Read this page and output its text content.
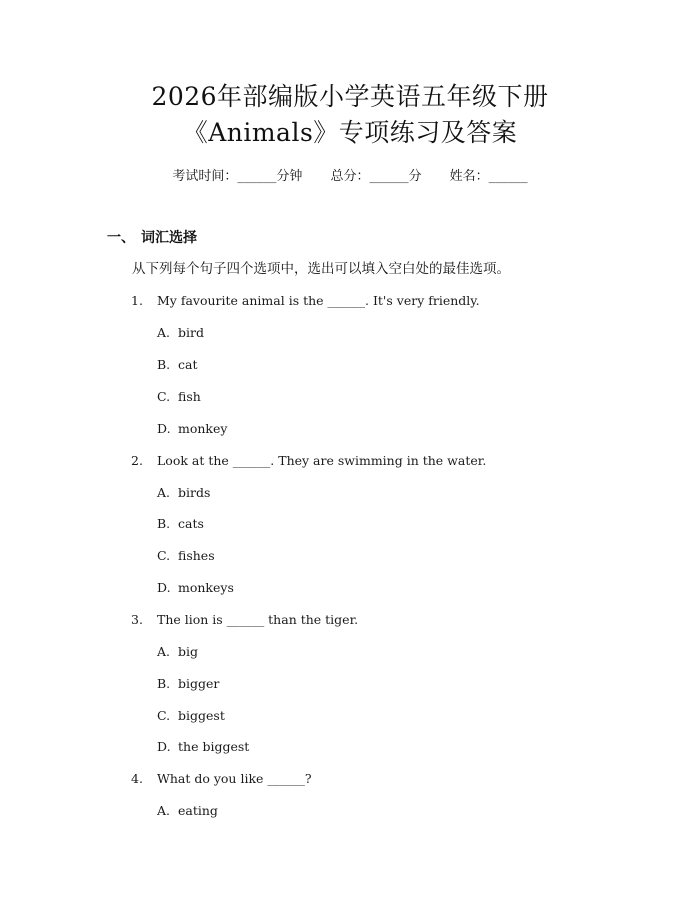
2026年部编版小学英语五年级下册
《Animals》专项练习及答案
考试时间：______分钟 总分：______分 姓名：______
一、 词汇选择
从下列每个句子四个选项中，选出可以填入空白处的最佳选项。
1. My favourite animal is the ______. It's very friendly.
A. bird
B. cat
C. fish
D. monkey
2. Look at the ______. They are swimming in the water.
A. birds
B. cats
C. fishes
D. monkeys
3. The lion is ______ than the tiger.
A. big
B. bigger
C. biggest
D. the biggest
4. What do you like ______?
A. eating
